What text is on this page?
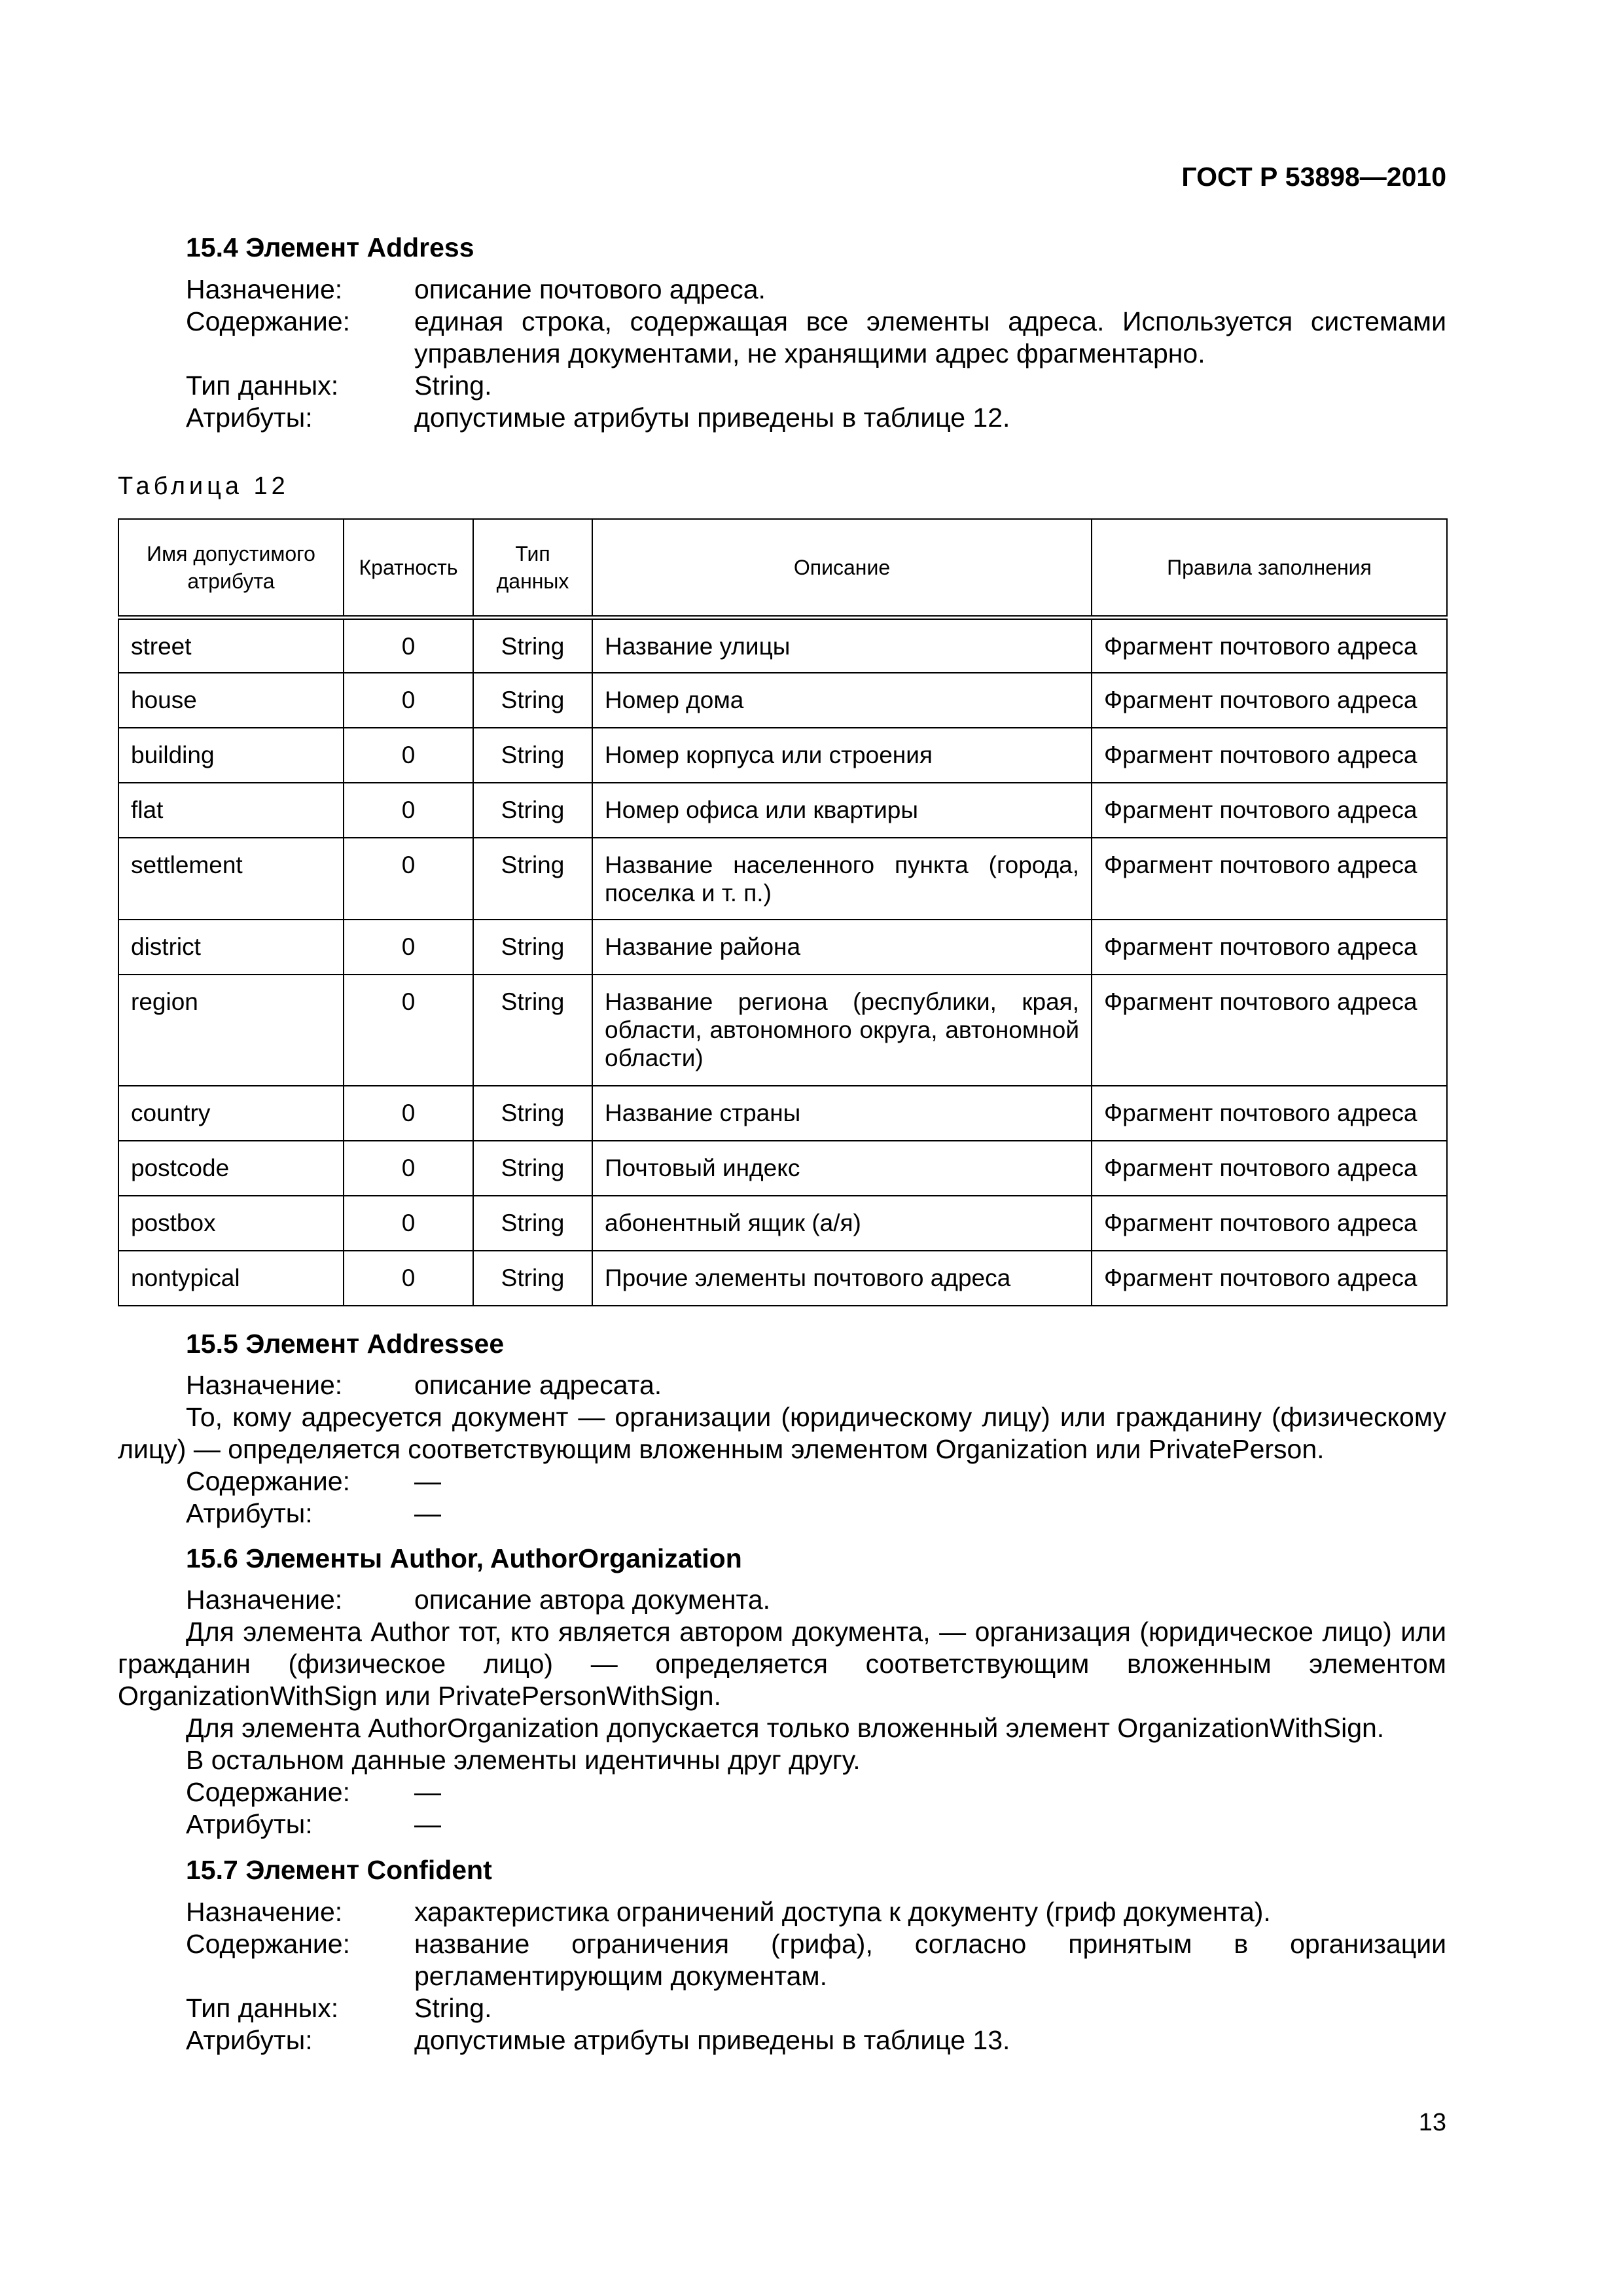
ГОСТ Р 53898—2010
15.4 Элемент Address
Назначение:	описание почтового адреса.
Содержание:	единая строка, содержащая все элементы адреса. Используется системами управления документами, не хранящими адрес фрагментарно.
Тип данных:	String.
Атрибуты:	допустимые атрибуты приведены в таблице 12.
Таблица 12
Имя допустимого атрибута	Кратность	Тип данных	Описание	Правила заполнения
street	0	String	Название улицы	Фрагмент почтового адреса
house	0	String	Номер дома	Фрагмент почтового адреса
building	0	String	Номер корпуса или строения	Фрагмент почтового адреса
flat	0	String	Номер офиса или квартиры	Фрагмент почтового адреса
settlement	0	String	Название населенного пункта (города, поселка и т. п.)	Фрагмент почтового адреса
district	0	String	Название района	Фрагмент почтового адреса
region	0	String	Название региона (республики, края, области, автономного округа, автономной области)	Фрагмент почтового адреса
country	0	String	Название страны	Фрагмент почтового адреса
postcode	0	String	Почтовый индекс	Фрагмент почтового адреса
postbox	0	String	абонентный ящик (а/я)	Фрагмент почтового адреса
nontypical	0	String	Прочие элементы почтового адреса	Фрагмент почтового адреса
15.5 Элемент Addressee
Назначение:	описание адресата.
То, кому адресуется документ — организации (юридическому лицу) или гражданину (физическому лицу) — определяется соответствующим вложенным элементом Organization или PrivatePerson.
Содержание:	—
Атрибуты:	—
15.6 Элементы Author, AuthorOrganization
Назначение:	описание автора документа.
Для элемента Author тот, кто является автором документа, — организация (юридическое лицо) или гражданин (физическое лицо) — определяется соответствующим вложенным элементом OrganizationWithSign или PrivatePersonWithSign.
Для элемента AuthorOrganization допускается только вложенный элемент OrganizationWithSign.
В остальном данные элементы идентичны друг другу.
Содержание:	—
Атрибуты:	—
15.7 Элемент Confident
Назначение:	характеристика ограничений доступа к документу (гриф документа).
Содержание:	название ограничения (грифа), согласно принятым в организации регламентирующим документам.
Тип данных:	String.
Атрибуты:	допустимые атрибуты приведены в таблице 13.
13
